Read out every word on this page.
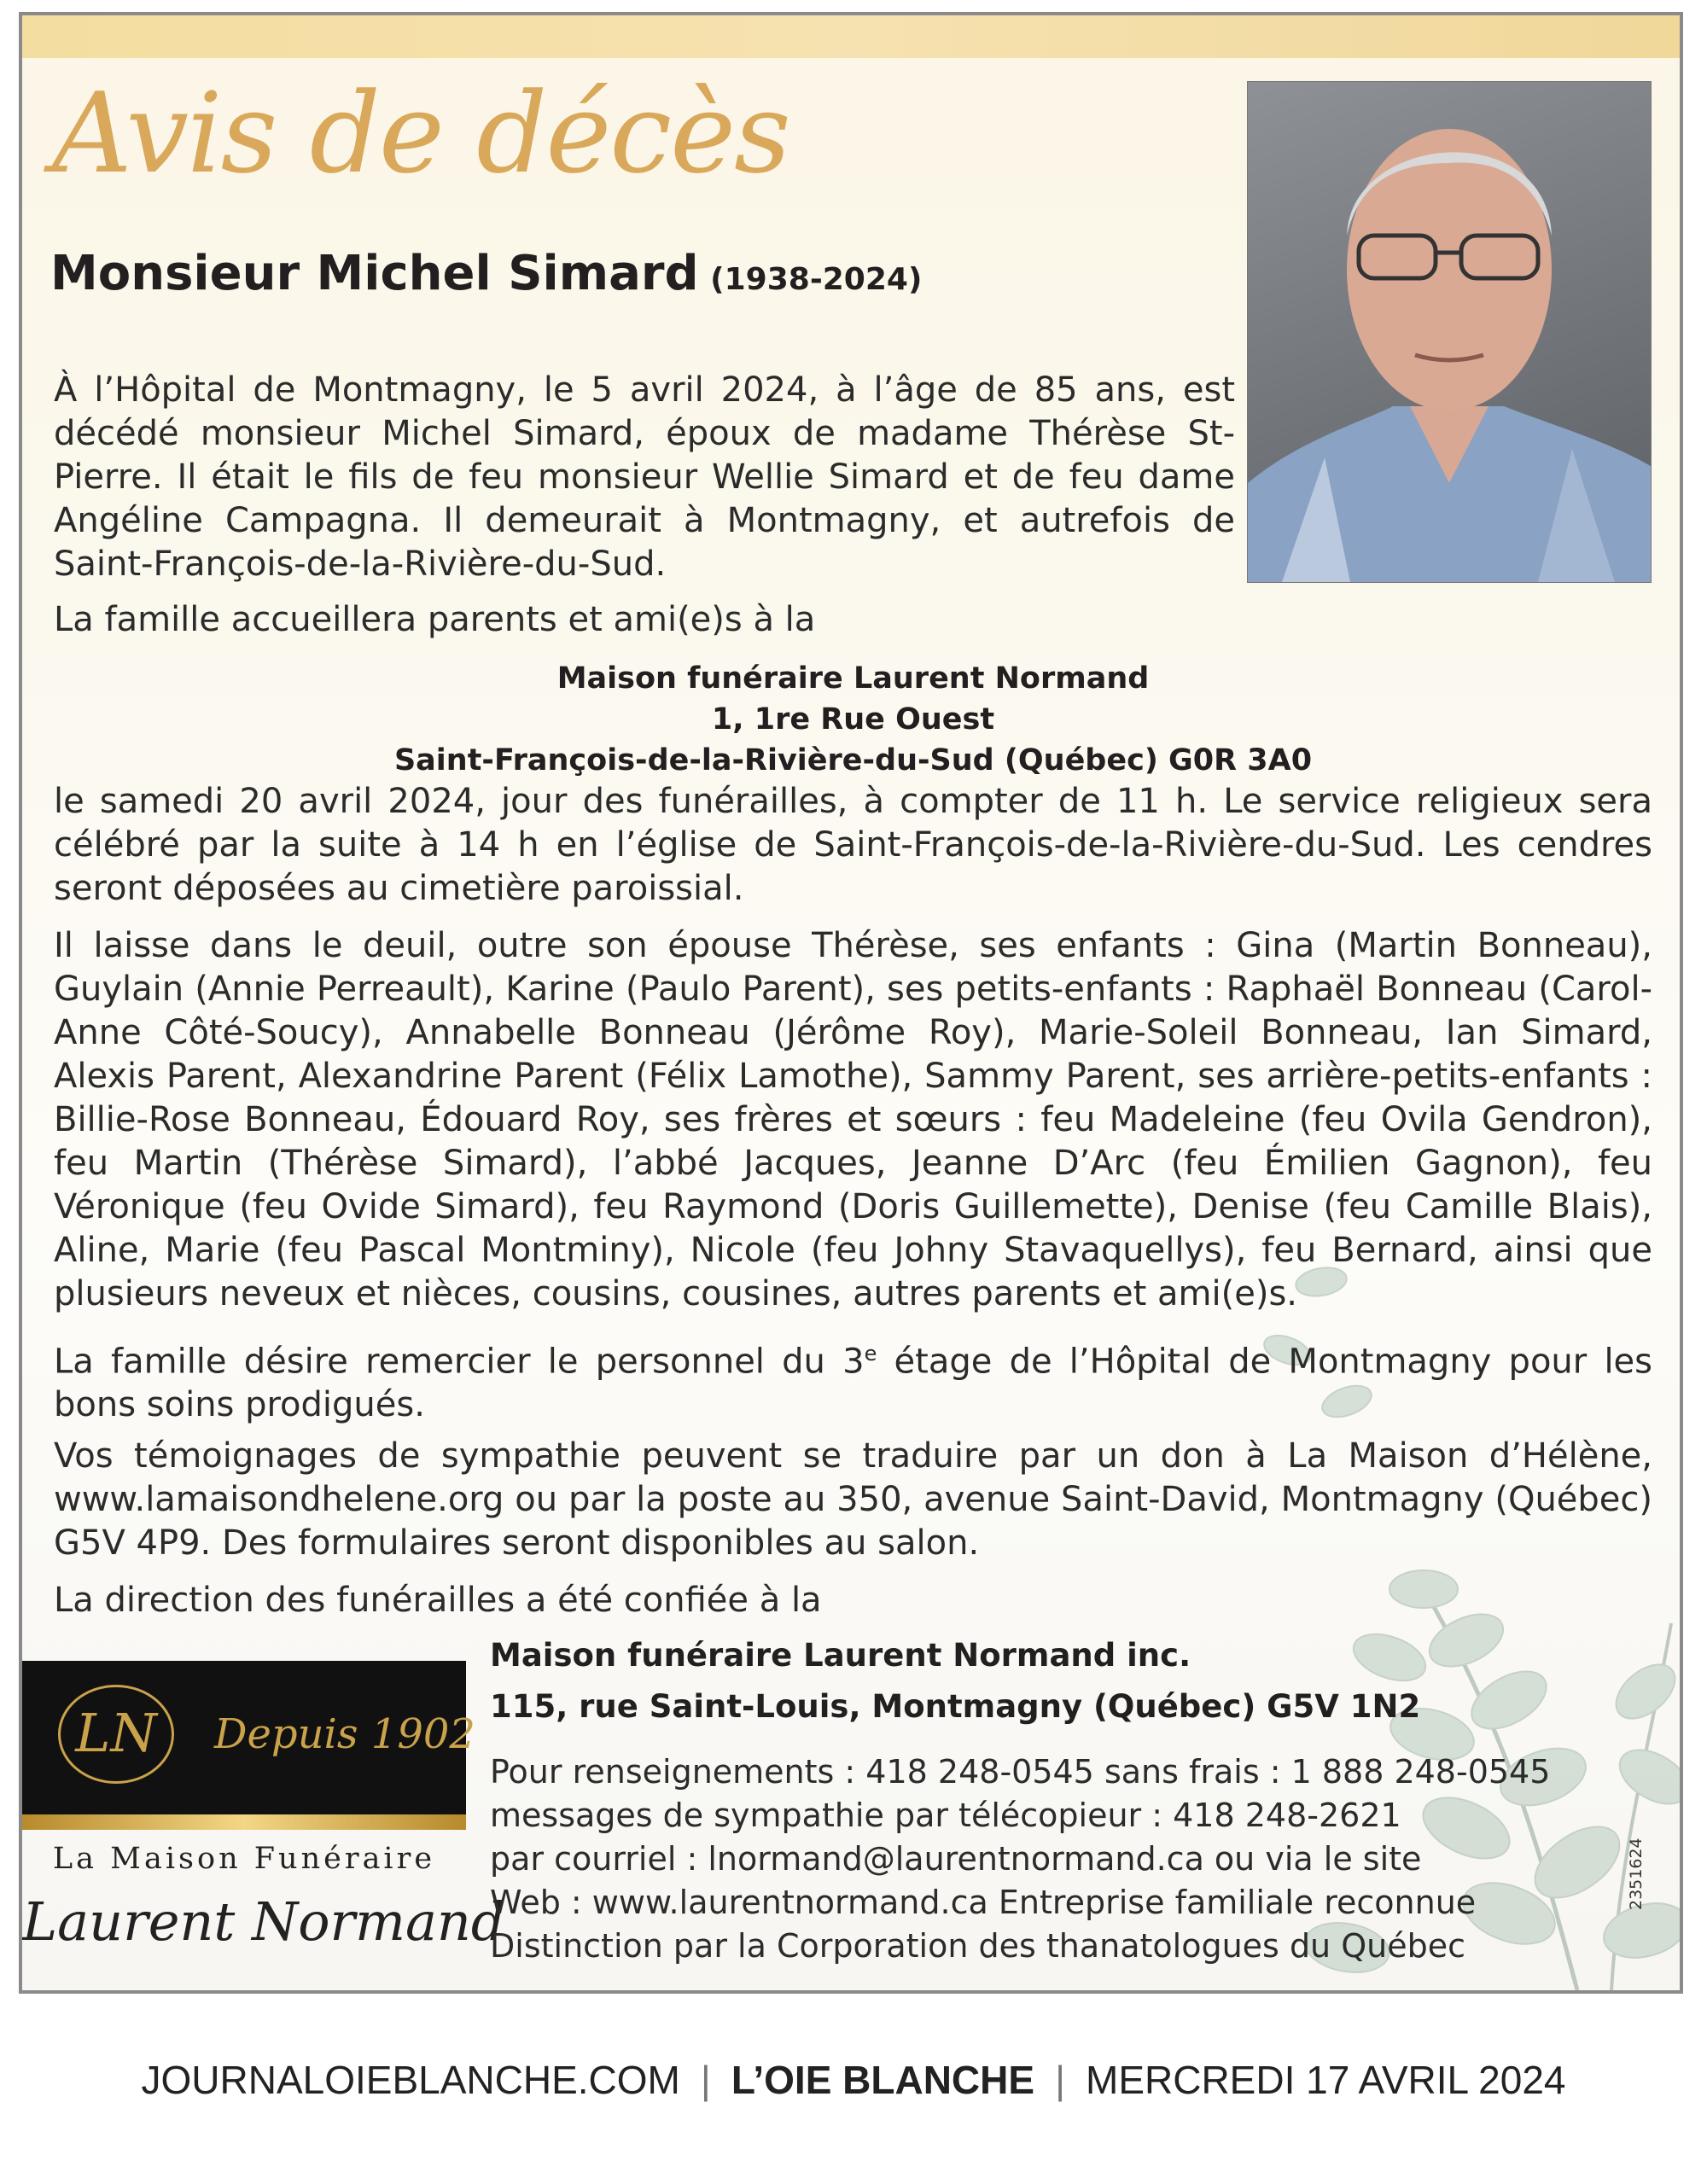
Avis de décès
Monsieur Michel Simard (1938-2024)

À l’Hôpital de Montmagny, le 5 avril 2024, à l’âge de 85 ans, est décédé monsieur Michel Simard, époux de madame Thérèse St-Pierre. Il était le fils de feu monsieur Wellie Simard et de feu dame Angéline Campagna. Il demeurait à Montmagny, et autrefois de Saint-François-de-la-Rivière-du-Sud.

La famille accueillera parents et ami(e)s à la

Maison funéraire Laurent Normand
1, 1re Rue Ouest
Saint-François-de-la-Rivière-du-Sud (Québec) G0R 3A0

le samedi 20 avril 2024, jour des funérailles, à compter de 11 h. Le service religieux sera célébré par la suite à 14 h en l’église de Saint-François-de-la-Rivière-du-Sud. Les cendres seront déposées au cimetière paroissial.

Il laisse dans le deuil, outre son épouse Thérèse, ses enfants : Gina (Martin Bonneau), Guylain (Annie Perreault), Karine (Paulo Parent), ses petits-enfants : Raphaël Bonneau (Carol-Anne Côté-Soucy), Annabelle Bonneau (Jérôme Roy), Marie-Soleil Bonneau, Ian Simard, Alexis Parent, Alexandrine Parent (Félix Lamothe), Sammy Parent, ses arrière-petits-enfants : Billie-Rose Bonneau, Édouard Roy, ses frères et sœurs : feu Madeleine (feu Ovila Gendron), feu Martin (Thérèse Simard), l’abbé Jacques, Jeanne D’Arc (feu Émilien Gagnon), feu Véronique (feu Ovide Simard), feu Raymond (Doris Guillemette), Denise (feu Camille Blais), Aline, Marie (feu Pascal Montminy), Nicole (feu Johny Stavaquellys), feu Bernard, ainsi que plusieurs neveux et nièces, cousins, cousines, autres parents et ami(e)s.

La famille désire remercier le personnel du 3e étage de l’Hôpital de Montmagny pour les bons soins prodigués.

Vos témoignages de sympathie peuvent se traduire par un don à La Maison d’Hélène, www.lamaisondhelene.org ou par la poste au 350, avenue Saint-David, Montmagny (Québec) G5V 4P9. Des formulaires seront disponibles au salon.

La direction des funérailles a été confiée à la

LN	Depuis 1902
La Maison Funéraire
Laurent Normand
Maison funéraire Laurent Normand inc.
115, rue Saint-Louis, Montmagny (Québec) G5V 1N2
Pour renseignements : 418 248-0545 sans frais : 1 888 248-0545
messages de sympathie par télécopieur : 418 248-2621
par courriel : lnormand@laurentnormand.ca ou via le site
Web : www.laurentnormand.ca Entreprise familiale reconnue
Distinction par la Corporation des thanatologues du Québec
2351624
JOURNALOIEBLANCHE.COM | L’OIE BLANCHE | MERCREDI 17 AVRIL 2024
